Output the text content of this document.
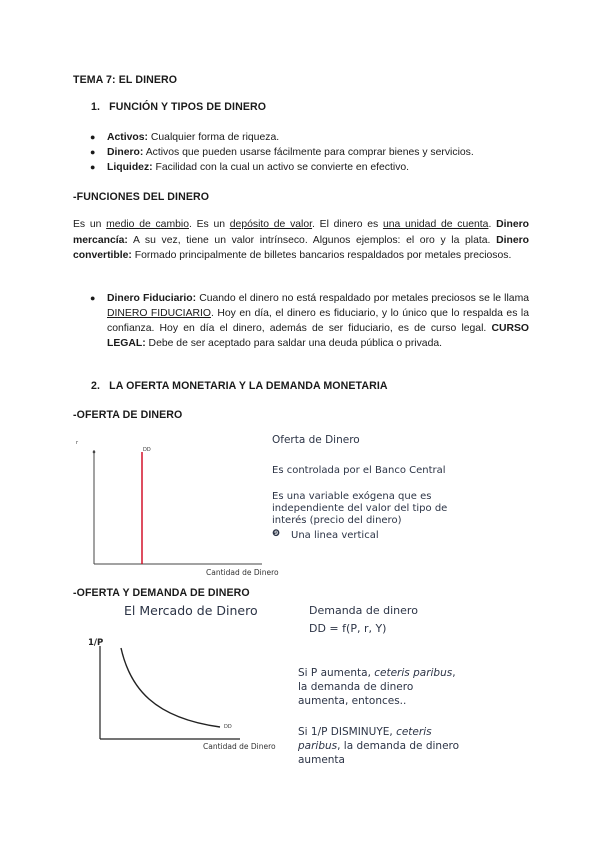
TEMA 7: EL DINERO
1.   FUNCIÓN Y TIPOS DE DINERO
● Activos: Cualquier forma de riqueza.
● Dinero: Activos que pueden usarse fácilmente para comprar bienes y servicios.
● Liquidez: Facilidad con la cual un activo se convierte en efectivo.
-FUNCIONES DEL DINERO
Es un medio de cambio. Es un depósito de valor. El dinero es una unidad de cuenta. Dinero mercancía: A su vez, tiene un valor intrínseco. Algunos ejemplos: el oro y la plata. Dinero convertible: Formado principalmente de billetes bancarios respaldados por metales preciosos.
● Dinero Fiduciario: Cuando el dinero no está respaldado por metales preciosos se le llama DINERO FIDUCIARIO. Hoy en día, el dinero es fiduciario, y lo único que lo respalda es la confianza. Hoy en día el dinero, además de ser fiduciario, es de curso legal. CURSO LEGAL: Debe de ser aceptado para saldar una deuda pública o privada.
2.   LA OFERTA MONETARIA Y LA DEMANDA MONETARIA
-OFERTA DE DINERO
r
DD
Cantidad de Dinero
Oferta de Dinero
Es controlada por el Banco Central
Es una variable exógena que es independiente del valor del tipo de interés (precio del dinero)
❾ Una linea vertical
-OFERTA Y DEMANDA DE DINERO
El Mercado de Dinero
1/P
DD
Cantidad de Dinero
Demanda de dinero
DD = f(P, r, Y)
Si P aumenta, ceteris paribus, la demanda de dinero aumenta, entonces..
Si 1/P DISMINUYE, ceteris paribus, la demanda de dinero aumenta
